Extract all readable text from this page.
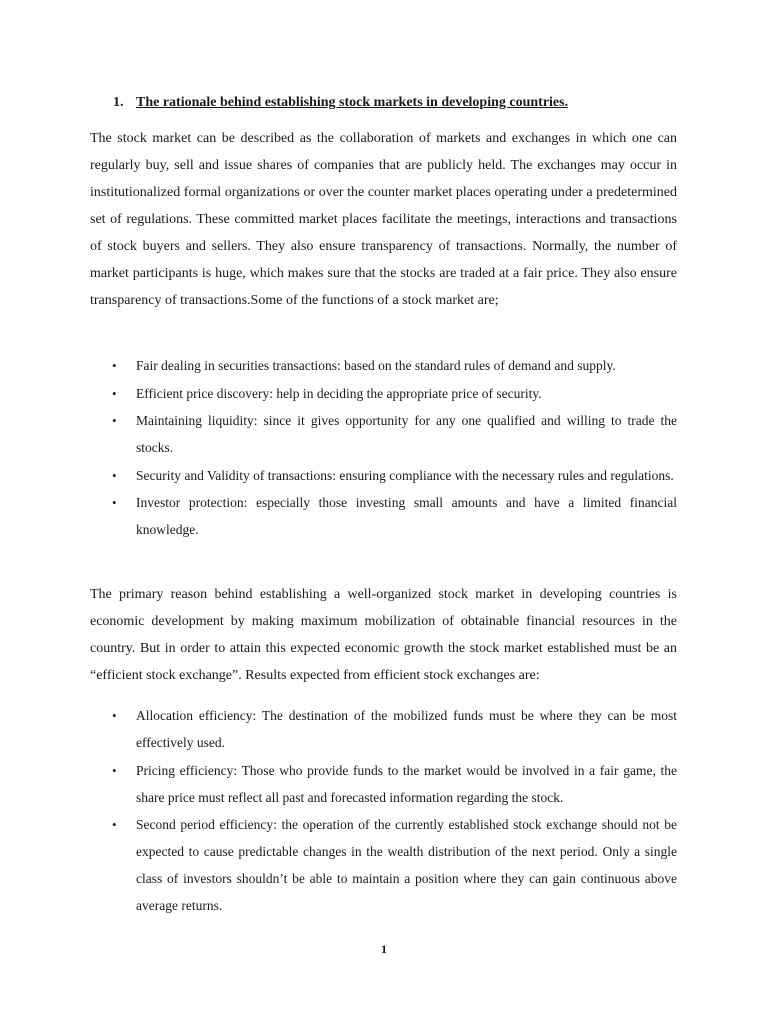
1. The rationale behind establishing stock markets in developing countries.

The stock market can be described as the collaboration of markets and exchanges in which one can regularly buy, sell and issue shares of companies that are publicly held. The exchanges may occur in institutionalized formal organizations or over the counter market places operating under a predetermined set of regulations. These committed market places facilitate the meetings, interactions and transactions of stock buyers and sellers. They also ensure transparency of transactions. Normally, the number of market participants is huge, which makes sure that the stocks are traded at a fair price. They also ensure transparency of transactions.Some of the functions of a stock market are;

• Fair dealing in securities transactions: based on the standard rules of demand and supply.
• Efficient price discovery: help in deciding the appropriate price of security.
• Maintaining liquidity: since it gives opportunity for any one qualified and willing to trade the stocks.
• Security and Validity of transactions: ensuring compliance with the necessary rules and regulations.
• Investor protection: especially those investing small amounts and have a limited financial knowledge.

The primary reason behind establishing a well-organized stock market in developing countries is economic development by making maximum mobilization of obtainable financial resources in the country. But in order to attain this expected economic growth the stock market established must be an “efficient stock exchange”. Results expected from efficient stock exchanges are:

• Allocation efficiency: The destination of the mobilized funds must be where they can be most effectively used.
• Pricing efficiency: Those who provide funds to the market would be involved in a fair game, the share price must reflect all past and forecasted information regarding the stock.
• Second period efficiency: the operation of the currently established stock exchange should not be expected to cause predictable changes in the wealth distribution of the next period. Only a single class of investors shouldn’t be able to maintain a position where they can gain continuous above average returns.
1
